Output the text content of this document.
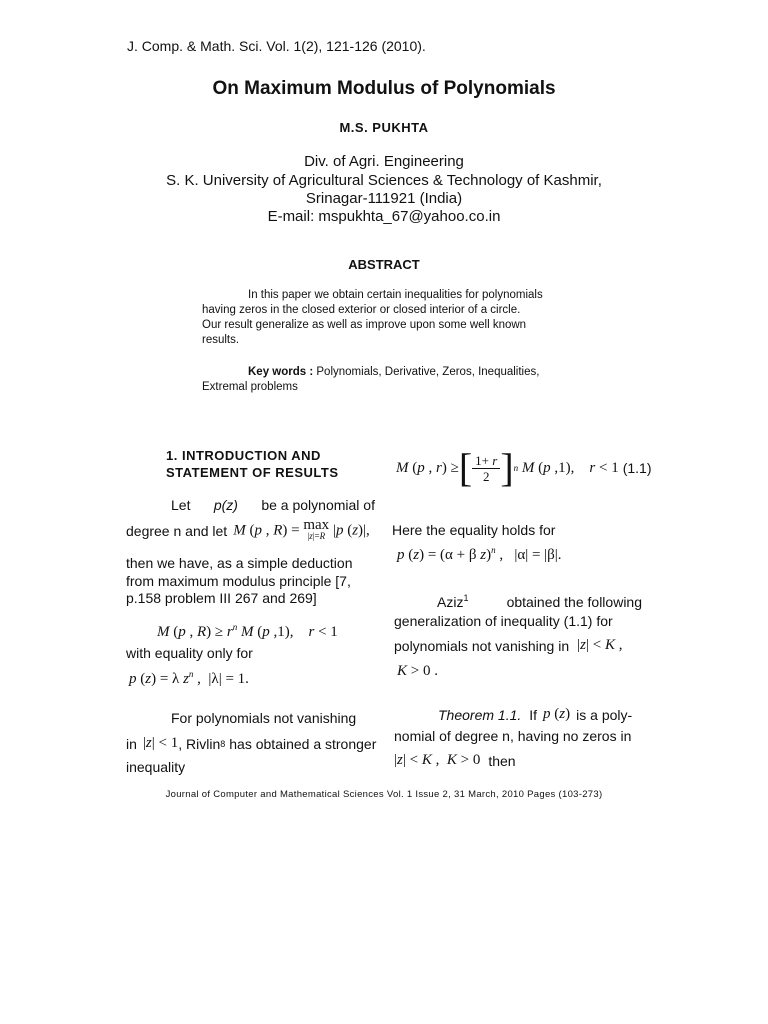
J. Comp. & Math. Sci. Vol. 1(2), 121-126 (2010).
On Maximum Modulus of Polynomials
M.S. PUKHTA
Div. of Agri. Engineering
S. K. University of Agricultural Sciences & Technology of Kashmir,
Srinagar-111921 (India)
E-mail: mspukhta_67@yahoo.co.in
ABSTRACT
In this paper we obtain certain inequalities for polynomials
having zeros in the closed exterior or closed interior of a circle.
Our result generalize as well as improve upon some well known
results.
Key words : Polynomials, Derivative, Zeros, Inequalities,
Extremal problems
1. INTRODUCTION AND
STATEMENT OF RESULTS
Let p(z) be a polynomial of
degree n and let M (p , R) = max
|z|=R |p (z)|,
then we have, as a simple deduction
from maximum modulus principle [7,
p.158 problem III 267 and 269]
M (p , $R) \ge r^n$ M (p ,1),    r < 1
with equality only for
p (z) = λ $z^n$ ,  |λ| = 1.
For polynomials not vanishing
in |z| < 1 , Rivlin 8 has obtained a stronger
inequality
M (p , r) ≥ [ $\frac{1+ r}{2}$ ] n M (p ,1),    r < 1 (1.1)
Here the equality holds for
p (z) = (α + β z)$^n$ ,   |α| = |β|.
Aziz$^1$	obtained the following
generalization of inequality (1.1) for
polynomials not vanishing in |z| < K ,
K > 0 .
Theorem 1.1. If p (z) is a poly-
nomial of degree n, having no zeros in
|z| < K ,  K > 0 then
Journal of Computer and Mathematical Sciences Vol. 1 Issue 2, 31 March, 2010 Pages (103-273)
